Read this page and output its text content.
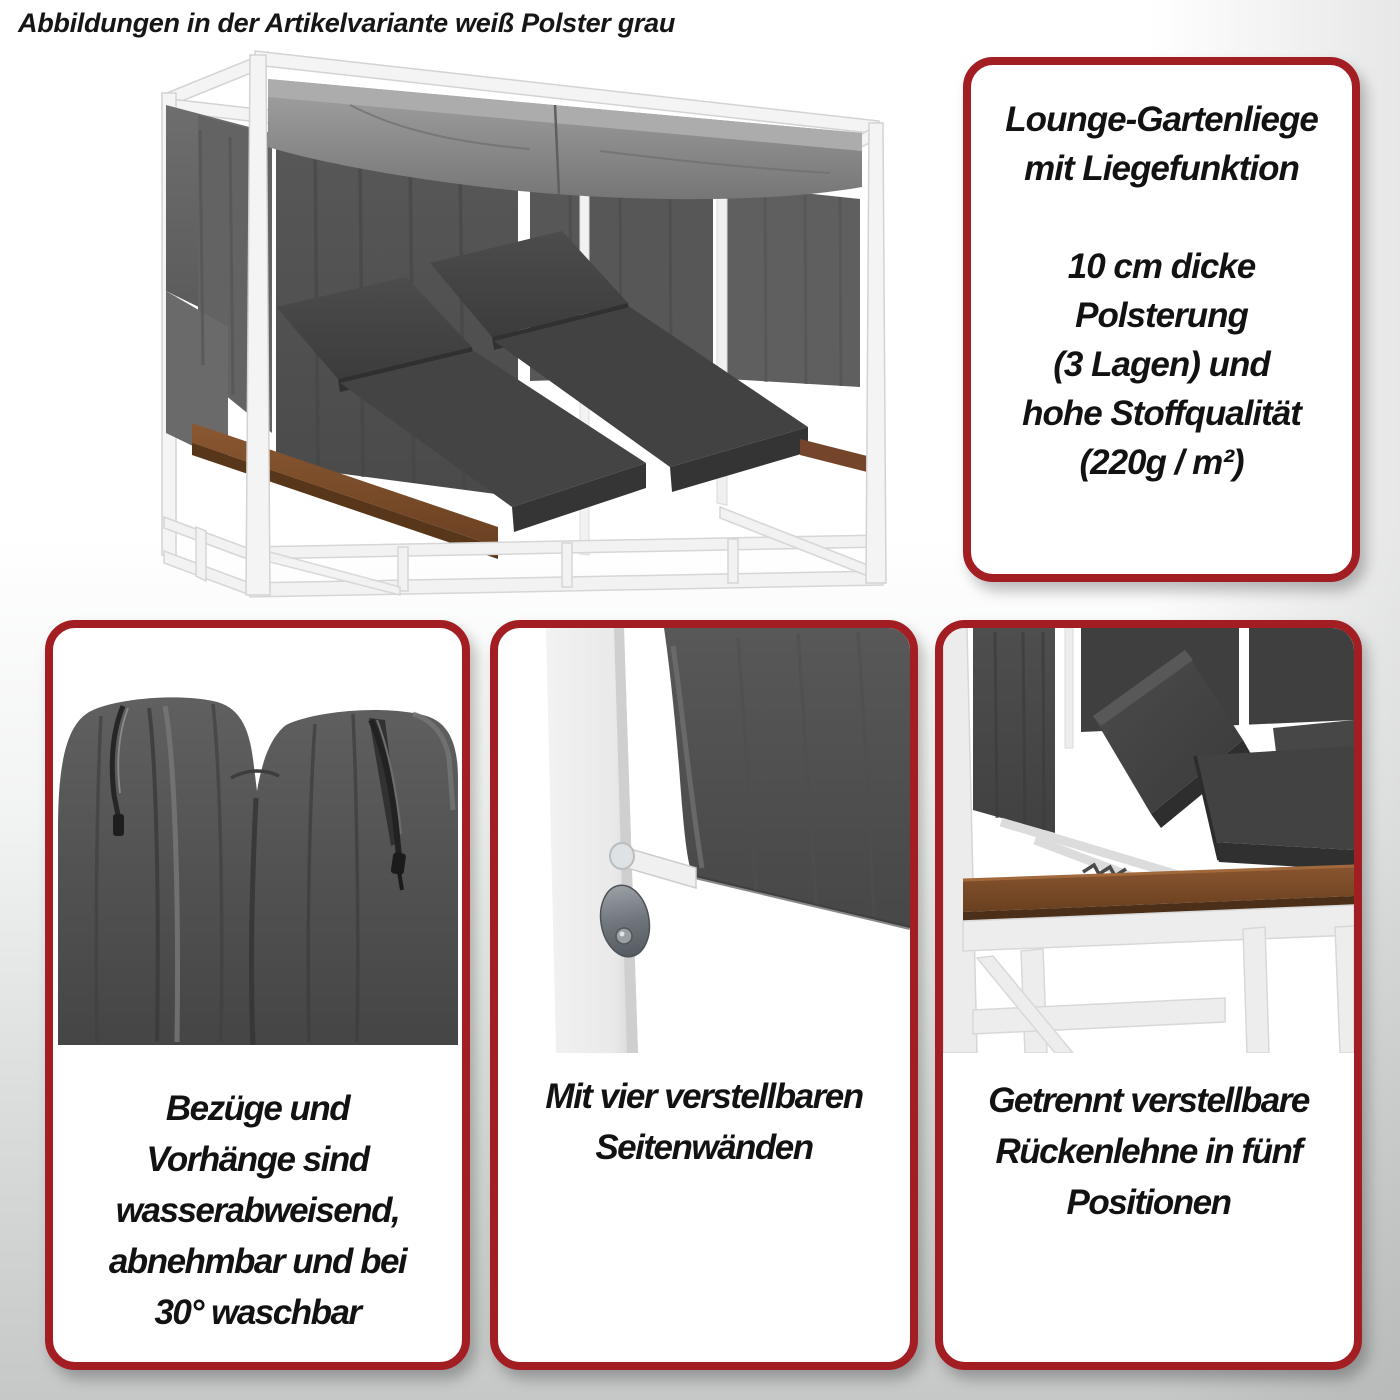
Abbildungen in der Artikelvariante weiß Polster grau
Lounge-Gartenliege
mit Liegefunktion
10 cm dicke
Polsterung
(3 Lagen) und
hohe Stoffqualität
(220g / m²)
Bezüge und
Vorhänge sind
wasserabweisend,
abnehmbar und bei
30° waschbar
Mit vier verstellbaren
Seitenwänden
Getrennt verstellbare
Rückenlehne in fünf
Positionen
